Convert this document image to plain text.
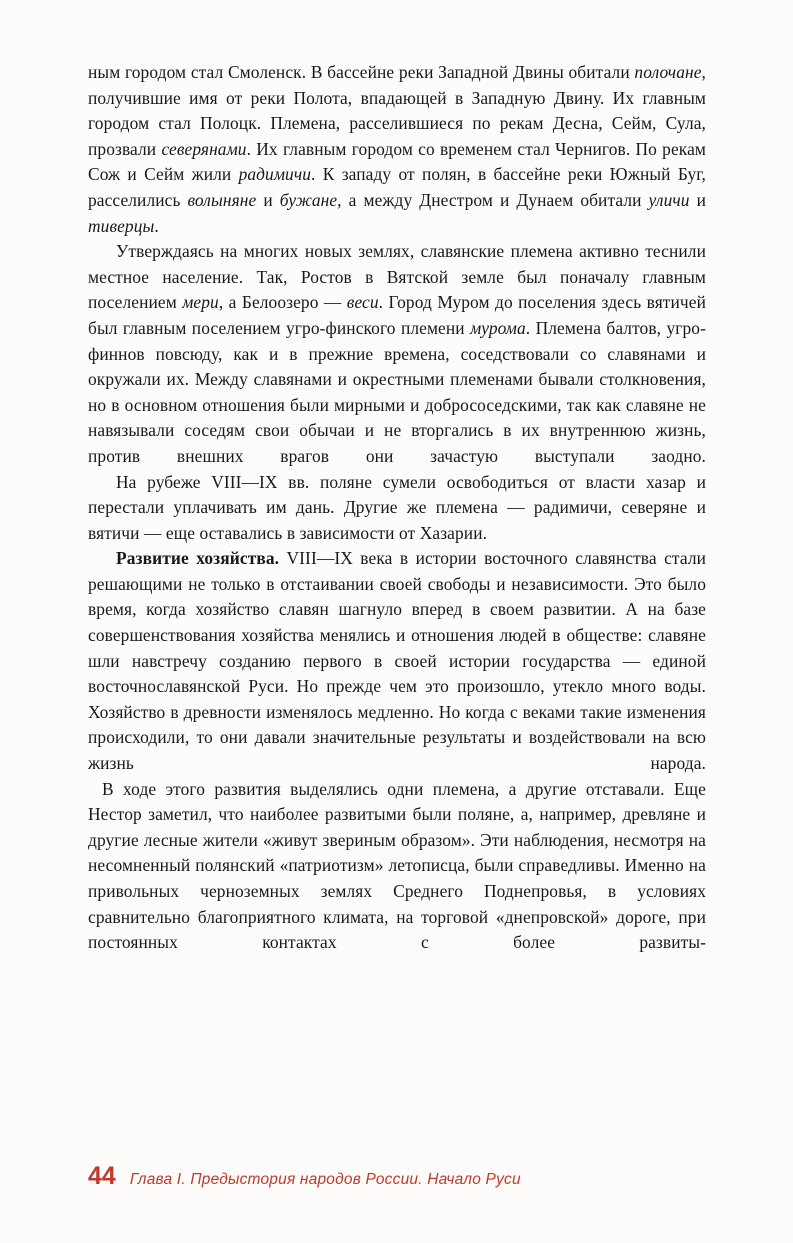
ным городом стал Смоленск. В бассейне реки Западной Двины обитали полочане, получившие имя от реки Полота, впадающей в Западную Двину. Их главным городом стал Полоцк. Племена, расселившиеся по рекам Десна, Сейм, Сула, прозвали северянами. Их главным городом со временем стал Чернигов. По рекам Сож и Сейм жили радимичи. К западу от полян, в бассейне реки Южный Буг, расселились волыняне и бужане, а между Днестром и Дунаем обитали уличи и тиверцы.

Утверждаясь на многих новых землях, славянские племена активно теснили местное население. Так, Ростов в Вятской земле был поначалу главным поселением мери, а Белоозеро — веси. Город Муром до поселения здесь вятичей был главным поселением угро-финского племени мурома. Племена балтов, угро-финнов повсюду, как и в прежние времена, соседствовали со славянами и окружали их. Между славянами и окрестными племенами бывали столкновения, но в основном отношения были мирными и добрососедскими, так как славяне не навязывали соседям свои обычаи и не вторгались в их внутреннюю жизнь, против внешних врагов они зачастую выступали заодно.

На рубеже VIII—IX вв. поляне сумели освободиться от власти хазар и перестали уплачивать им дань. Другие же племена — радимичи, северяне и вятичи — еще оставались в зависимости от Хазарии.

Развитие хозяйства. VIII—IX века в истории восточного славянства стали решающими не только в отстаивании своей свободы и независимости. Это было время, когда хозяйство славян шагнуло вперед в своем развитии. А на базе совершенствования хозяйства менялись и отношения людей в обществе: славяне шли навстречу созданию первого в своей истории государства — единой восточнославянской Руси. Но прежде чем это произошло, утекло много воды. Хозяйство в древности изменялось медленно. Но когда с веками такие изменения происходили, то они давали значительные результаты и воздействовали на всю жизнь народа.

В ходе этого развития выделялись одни племена, а другие отставали. Еще Нестор заметил, что наиболее развитыми были поляне, а, например, древляне и другие лесные жители «живут звериным образом». Эти наблюдения, несмотря на несомненный полянский «патриотизм» летописца, были справедливы. Именно на привольных черноземных землях Среднего Поднепровья, в условиях сравнительно благоприятного климата, на торговой «днепровской» дороге, при постоянных контактах с более развиты-

44 Глава I. Предыстория народов России. Начало Руси
